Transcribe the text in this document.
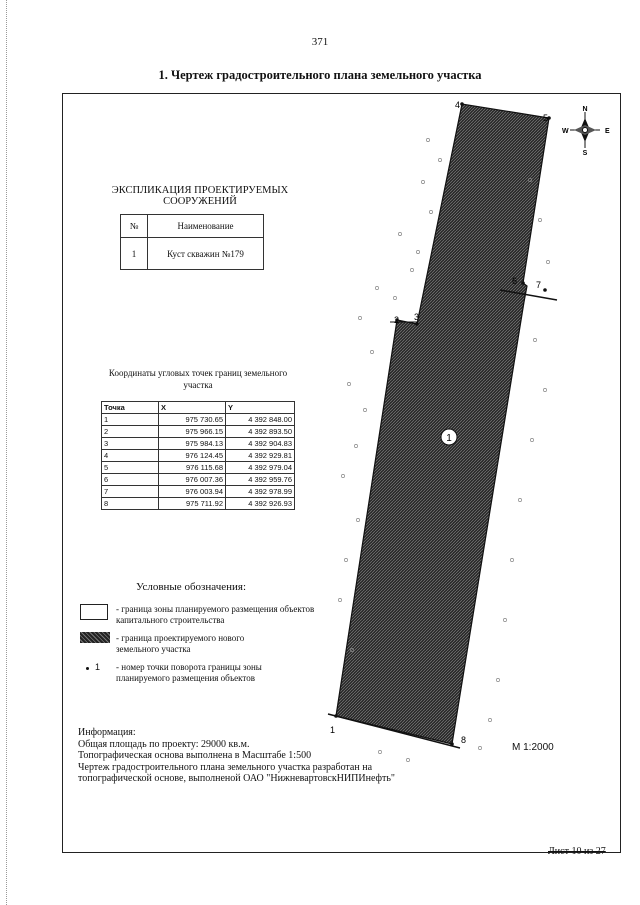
371
1. Чертеж градостроительного плана земельного участка
ЭКСПЛИКАЦИЯ ПРОЕКТИРУЕМЫХ СООРУЖЕНИЙ
№	Наименование
1	Куст скважин №179
Координаты угловых точек границ земельного участка
Точка	X	Y
1	975 730.65	4 392 848.00
2	975 966.15	4 392 893.50
3	975 984.13	4 392 904.83
4	976 124.45	4 392 929.81
5	976 115.68	4 392 979.04
6	976 007.36	4 392 959.76
7	976 003.94	4 392 978.99
8	975 711.92	4 392 926.93
Условные обозначения:
- граница зоны планируемого размещения объектов капитального строительства
- граница проектируемого нового земельного участка
1 - номер точки поворота границы зоны планируемого размещения объектов
1
2 3
4
5
6 7
8
1
N
S
E
W
Информация:
Общая площадь по проекту: 29000 кв.м.
Топографическая основа выполнена в Масштабе 1:500
Чертеж градостроительного плана земельного участка разработан на
топографической основе, выполненой ОАО "НижневартовскНИПИнефть"
М 1:2000
Лист 10 из 27
